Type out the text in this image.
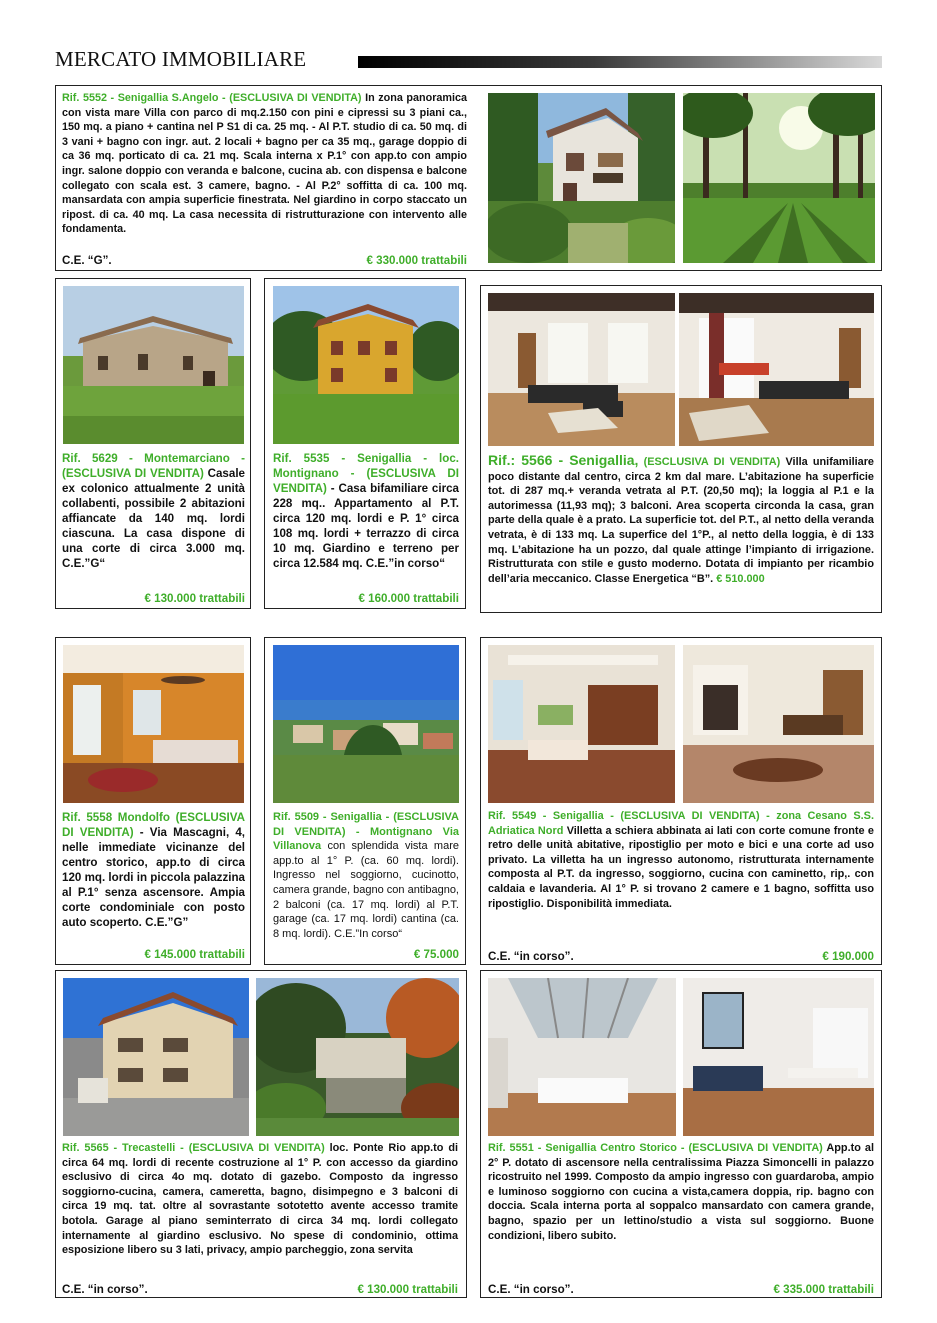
MERCATO IMMOBILIARE
Rif. 5552 - Senigallia S.Angelo - (ESCLUSIVA DI VENDITA) In zona panoramica con vista mare Villa con parco di mq.2.150 con pini e cipressi su 3 piani ca., 150 mq. a piano + cantina nel P S1 di ca. 25 mq. - Al P.T. studio di ca. 50 mq. di 3 vani + bagno con ingr. aut. 2 locali + bagno per ca 35 mq., garage doppio di ca 36 mq. porticato di ca. 21 mq. Scala interna x P.1° con app.to con ampio ingr. salone doppio con veranda e balcone, cucina ab. con dispensa e balcone collegato con scala est. 3 camere, bagno. - Al P.2° soffitta di ca. 100 mq. mansardata con ampia superficie finestrata. Nel giardino in corpo staccato un ripost. di ca. 40 mq. La casa necessita di ristrutturazione con intervento alle fondamenta.
C.E. “G”.	€ 330.000 trattabili
Rif. 5629 - Montemarciano - (ESCLUSIVA DI VENDITA) Casale ex colonico attualmente 2 unità collabenti, possibile 2 abitazioni affiancate da 140 mq. lordi ciascuna. La casa dispone di una corte di circa 3.000 mq. C.E.”G“
€ 130.000 trattabili
Rif. 5535 - Senigallia - loc. Montignano - (ESCLUSIVA DI VENDITA) - Casa bifamiliare circa 228 mq.. Appartamento al P.T. circa 120 mq. lordi e P. 1° circa 108 mq. lordi + terrazzo di circa 10 mq. Giardino e terreno per circa 12.584 mq. C.E.”in corso“
€ 160.000 trattabili
Rif.: 5566 - Senigallia, (ESCLUSIVA DI VENDITA) Villa unifamiliare poco distante dal centro, circa 2 km dal mare. L’abitazione ha superficie tot. di 287 mq.+ veranda vetrata al P.T. (20,50 mq); la loggia al P.1 e la autorimessa (11,93 mq); 3 balconi. Area scoperta circonda la casa, gran parte della quale è a prato. La superficie tot. del P.T., al netto della veranda vetrata, è di 133 mq. La superfice del 1°P., al netto della loggia, è di 133 mq. L’abitazione ha un pozzo, dal quale attinge l’impianto di irrigazione. Ristrutturata con stile e gusto moderno. Dotata di impianto per ricambio dell’aria meccanico. Classe Energetica “B”. € 510.000
Rif. 5558 Mondolfo (ESCLUSIVA DI VENDITA) - Via Mascagni, 4, nelle immediate vicinanze del centro storico, app.to di circa 120 mq. lordi in piccola palazzina al P.1° senza ascensore. Ampia corte condominiale con posto auto scoperto. C.E.”G”
€ 145.000 trattabili
Rif. 5509 - Senigallia - (ESCLUSIVA DI VENDITA) - Montignano Via Villanova con splendida vista mare app.to al 1° P. (ca. 60 mq. lordi). Ingresso nel soggiorno, cucinotto, camera grande, bagno con antibagno, 2 balconi (ca. 17 mq. lordi) al P.T. garage (ca. 17 mq. lordi) cantina (ca. 8 mq. lordi). C.E.”In corso“
€ 75.000
Rif. 5549 - Senigallia - (ESCLUSIVA DI VENDITA) - zona Cesano S.S. Adriatica Nord Villetta a schiera abbinata ai lati con corte comune fronte e retro delle unità abitative, ripostiglio per moto e bici e una corte ad uso privato. La villetta ha un ingresso autonomo, ristrutturata internamente composta al P.T. da ingresso, soggiorno, cucina con caminetto, rip,. con caldaia e lavanderia. Al 1° P. si trovano 2 camere e 1 bagno, soffitta uso ripostiglio. Disponibilità immediata.
C.E. “in corso”.	€ 190.000
Rif. 5565 - Trecastelli - (ESCLUSIVA DI VENDITA) loc. Ponte Rio app.to di circa 64 mq. lordi di recente costruzione al 1° P. con accesso da giardino esclusivo di circa 4o mq. dotato di gazebo. Composto da ingresso soggiorno-cucina, camera, cameretta, bagno, disimpegno e 3 balconi di circa 19 mq. tat. oltre al sovrastante sototetto avente accesso tramite botola. Garage al piano seminterrato di circa 34 mq. lordi collegato internamente al giardino esclusivo. No spese di condominio, ottima esposizione libero su 3 lati, privacy, ampio parcheggio, zona servita
C.E. “in corso”.	€ 130.000 trattabili
Rif. 5551 - Senigallia Centro Storico - (ESCLUSIVA DI VENDITA) App.to al 2° P. dotato di ascensore nella centralissima Piazza Simoncelli in palazzo ricostruito nel 1999. Composto da ampio ingresso con guardaroba, ampio e luminoso soggiorno con cucina a vista,camera doppia, rip. bagno con doccia. Scala interna porta al soppalco mansardato con camera grande, bagno, spazio per un lettino/studio a vista sul soggiorno. Buone condizioni, libero subito.
C.E. “in corso”.	€ 335.000 trattabili
